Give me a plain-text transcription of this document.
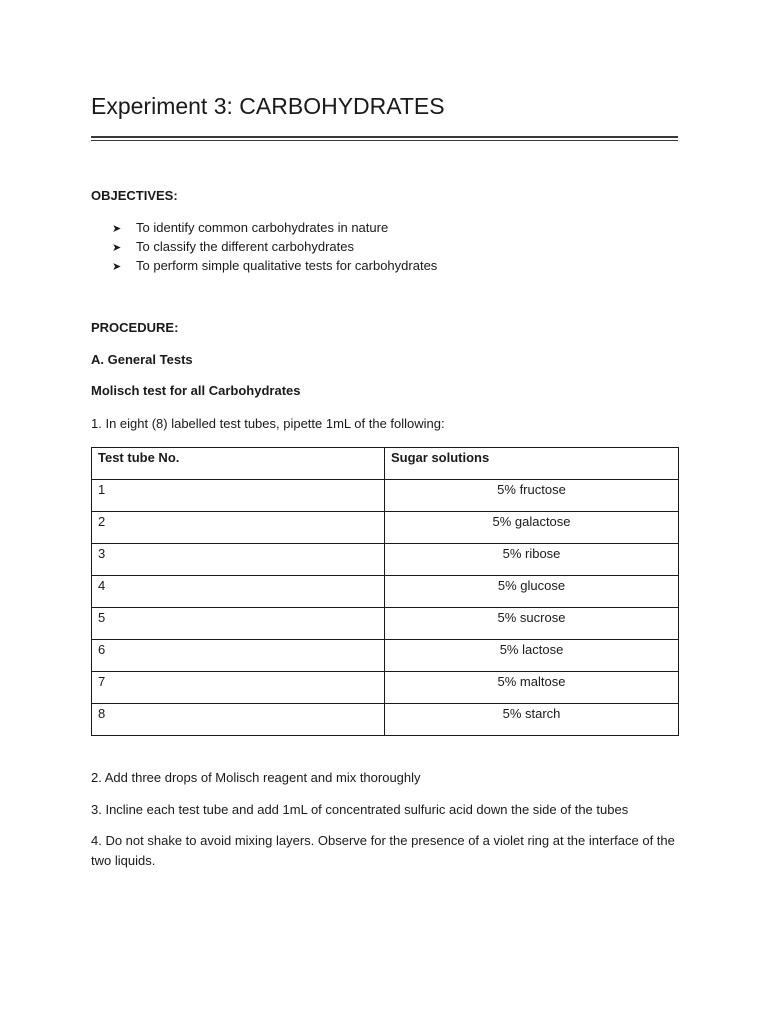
Experiment 3: CARBOHYDRATES
OBJECTIVES:
➤ To identify common carbohydrates in nature
➤ To classify the different carbohydrates
➤ To perform simple qualitative tests for carbohydrates
PROCEDURE:
A. General Tests
Molisch test for all Carbohydrates

1. In eight (8) labelled test tubes, pipette 1mL of the following:

Test tube No.	Sugar solutions
1	5% fructose
2	5% galactose
3	5% ribose
4	5% glucose
5	5% sucrose
6	5% lactose
7	5% maltose
8	5% starch

2. Add three drops of Molisch reagent and mix thoroughly

3. Incline each test tube and add 1mL of concentrated sulfuric acid down the side of the tubes

4. Do not shake to avoid mixing layers. Observe for the presence of a violet ring at the interface of the two liquids.
